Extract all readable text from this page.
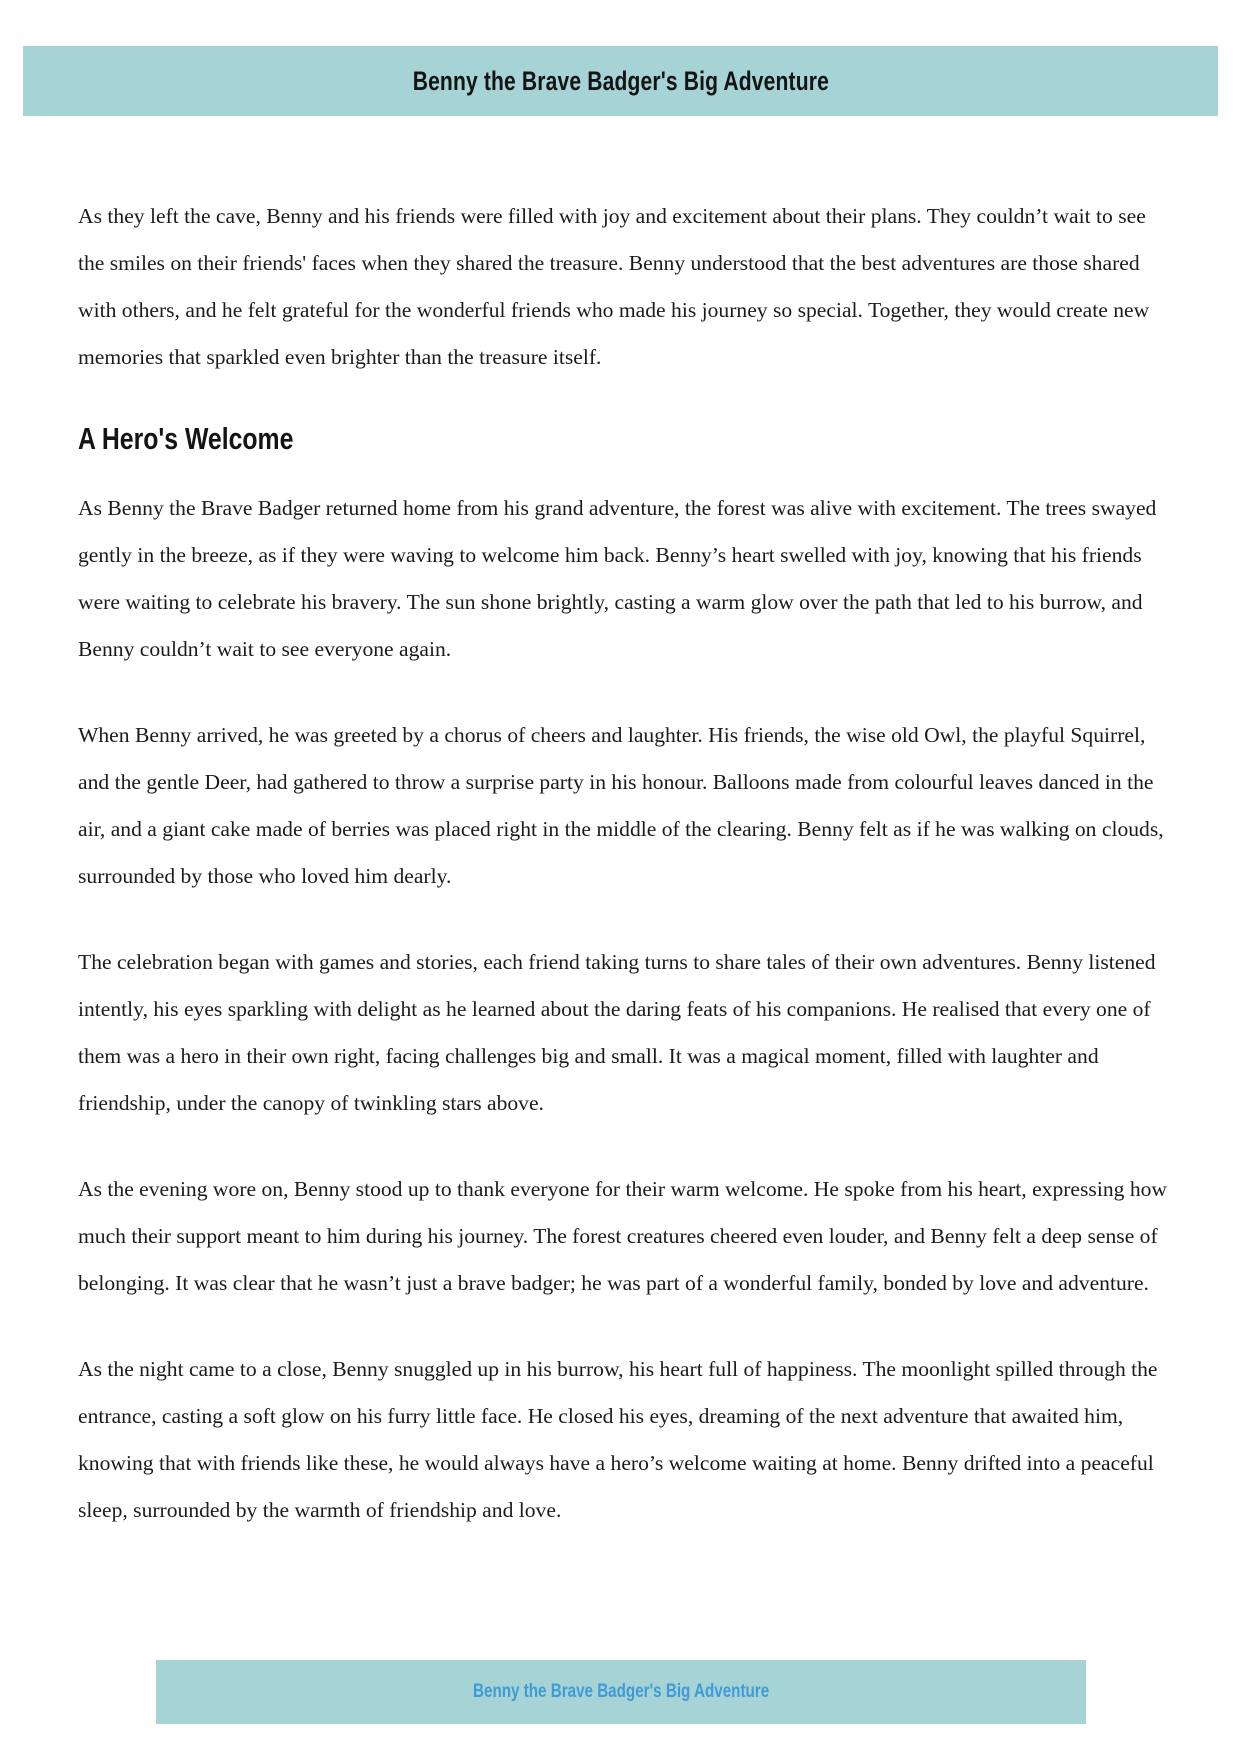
Benny the Brave Badger's Big Adventure

As they left the cave, Benny and his friends were filled with joy and excitement about their plans. They couldn’t wait to see the smiles on their friends' faces when they shared the treasure. Benny understood that the best adventures are those shared with others, and he felt grateful for the wonderful friends who made his journey so special. Together, they would create new memories that sparkled even brighter than the treasure itself.

A Hero's Welcome

As Benny the Brave Badger returned home from his grand adventure, the forest was alive with excitement. The trees swayed gently in the breeze, as if they were waving to welcome him back. Benny’s heart swelled with joy, knowing that his friends were waiting to celebrate his bravery. The sun shone brightly, casting a warm glow over the path that led to his burrow, and Benny couldn’t wait to see everyone again.

When Benny arrived, he was greeted by a chorus of cheers and laughter. His friends, the wise old Owl, the playful Squirrel, and the gentle Deer, had gathered to throw a surprise party in his honour. Balloons made from colourful leaves danced in the air, and a giant cake made of berries was placed right in the middle of the clearing. Benny felt as if he was walking on clouds, surrounded by those who loved him dearly.

The celebration began with games and stories, each friend taking turns to share tales of their own adventures. Benny listened intently, his eyes sparkling with delight as he learned about the daring feats of his companions. He realised that every one of them was a hero in their own right, facing challenges big and small. It was a magical moment, filled with laughter and friendship, under the canopy of twinkling stars above.

As the evening wore on, Benny stood up to thank everyone for their warm welcome. He spoke from his heart, expressing how much their support meant to him during his journey. The forest creatures cheered even louder, and Benny felt a deep sense of belonging. It was clear that he wasn’t just a brave badger; he was part of a wonderful family, bonded by love and adventure.

As the night came to a close, Benny snuggled up in his burrow, his heart full of happiness. The moonlight spilled through the entrance, casting a soft glow on his furry little face. He closed his eyes, dreaming of the next adventure that awaited him, knowing that with friends like these, he would always have a hero’s welcome waiting at home. Benny drifted into a peaceful sleep, surrounded by the warmth of friendship and love.

Benny the Brave Badger's Big Adventure
